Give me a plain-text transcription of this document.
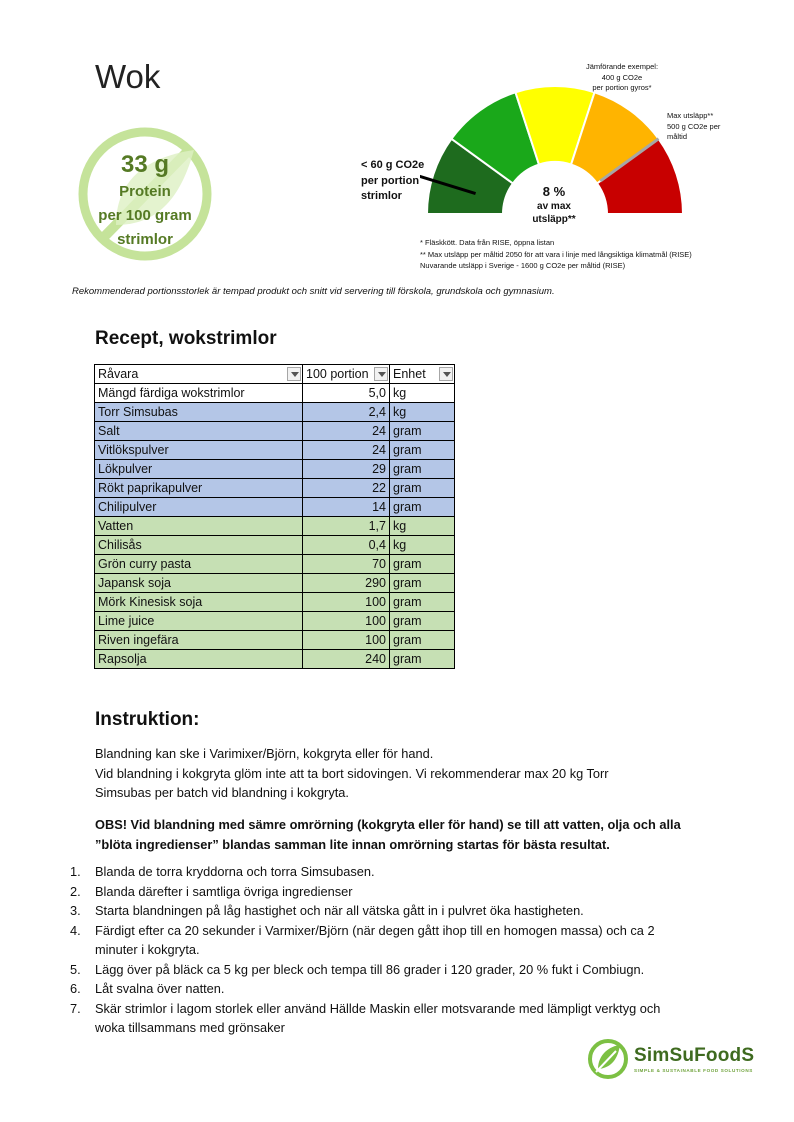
Wok
33 g
Protein
per 100 gram
strimlor
< 60 g CO2e
per portion
strimlor	8 %
av max
utsläpp**
Jämförande exempel:
400 g CO2e
per portion gyros*
Max utsläpp**
500 g CO2e per
måltid
* Fläskkött. Data från RISE, öppna listan
** Max utsläpp per måltid 2050 för att vara i linje med långsiktiga klimatmål (RISE)
Nuvarande utsläpp i Sverige - 1600 g CO2e per måltid (RISE)
Rekommenderad portionsstorlek är tempad produkt och snitt vid servering till förskola, grundskola och gymnasium.
Recept, wokstrimlor
Råvara	100 portion	Enhet

Mängd färdiga wokstrimlor	5,0	kg
Torr Simsubas	2,4	kg
Salt	24	gram
Vitlökspulver	24	gram
Lökpulver	29	gram
Rökt paprikapulver	22	gram
Chilipulver	14	gram
Vatten	1,7	kg
Chilisås	0,4	kg
Grön curry pasta	70	gram
Japansk soja	290	gram
Mörk Kinesisk soja	100	gram
Lime juice	100	gram
Riven ingefära	100	gram
Rapsolja	240	gram
Instruktion:
Blandning kan ske i Varimixer/Björn, kokgryta eller för hand.
Vid blandning i kokgryta glöm inte att ta bort sidovingen. Vi rekommenderar max 20 kg Torr
Simsubas per batch vid blandning i kokgryta.
OBS! Vid blandning med sämre omrörning (kokgryta eller för hand) se till att vatten, olja och alla
”blöta ingredienser” blandas samman lite innan omrörning startas för bästa resultat.
1. Blanda de torra kryddorna och torra Simsubasen.
2. Blanda därefter i samtliga övriga ingredienser
3. Starta blandningen på låg hastighet och när all vätska gått in i pulvret öka hastigheten.
4. Färdigt efter ca 20 sekunder i Varmixer/Björn (när degen gått ihop till en homogen massa) och ca 2
minuter i kokgryta.
5. Lägg över på bläck ca 5 kg per bleck och tempa till 86 grader i 120 grader, 20 % fukt i Combiugn.
6. Låt svalna över natten.
7. Skär strimlor i lagom storlek eller använd Hällde Maskin eller motsvarande med lämpligt verktyg och
woka tillsammans med grönsaker
SimSuFoodS
SIMPLE & SUSTAINABLE FOOD SOLUTIONS
